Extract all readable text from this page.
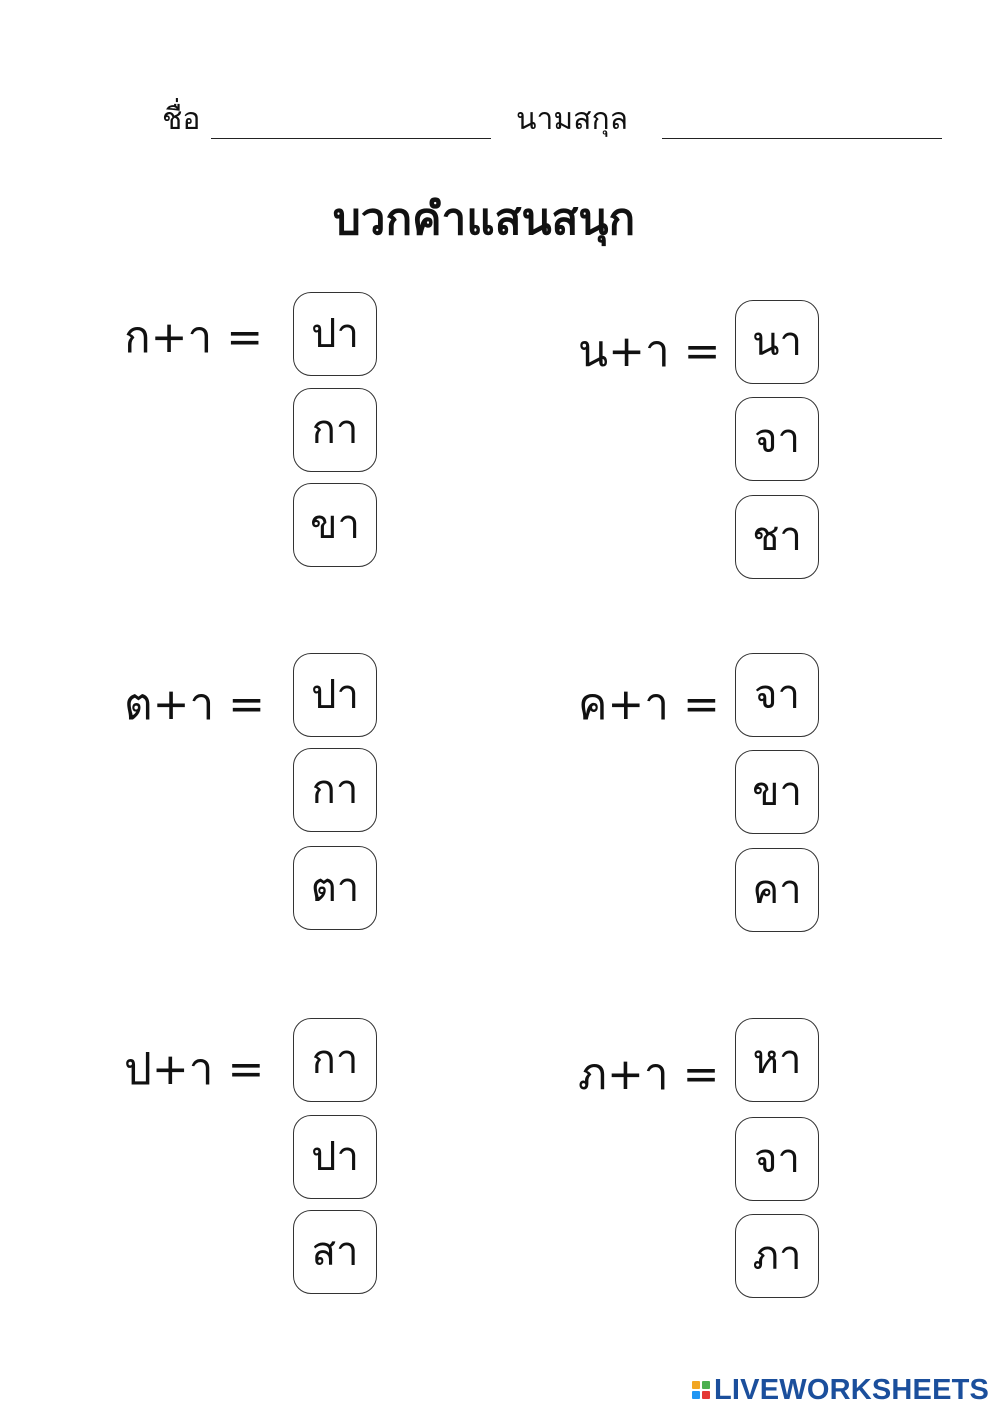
ชื่อ	นามสกุล
บวกคำแสนสนุก
ก+า =	ปา
กา
ขา
น+า = นา
จา
ชา
ต+า =	ปา
กา
ตา
ค+า = จา
ขา
คา
ป+า =	กา
ปา
สา
ภ+า = หา
จา
ภา
LIVEWORKSHEETS
